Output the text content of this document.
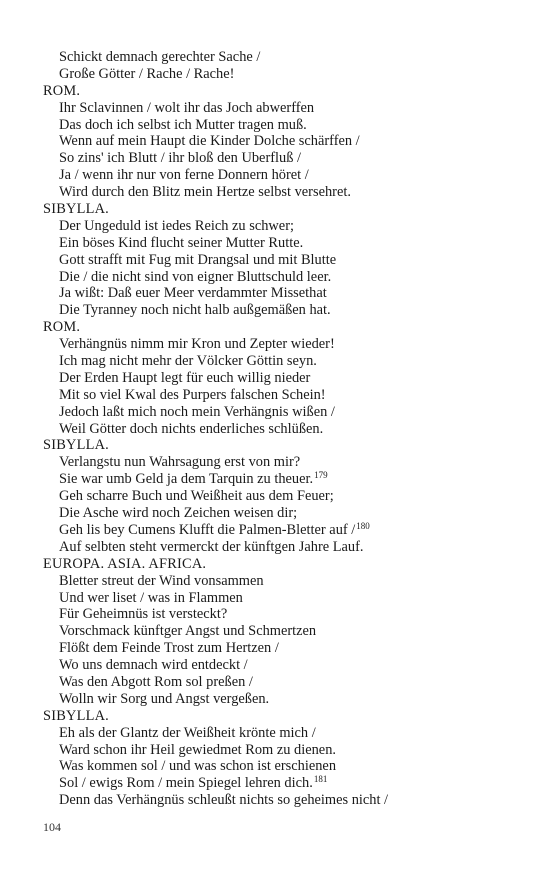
Schickt demnach gerechter Sache /
Große Götter / Rache / Rache!
ROM.
Ihr Sclavinnen / wolt ihr das Joch abwerffen
Das doch ich selbst ich Mutter tragen muß.
Wenn auf mein Haupt die Kinder Dolche schärffen /
So zins' ich Blutt / ihr bloß den Uberfluß /
Ja / wenn ihr nur von ferne Donnern höret /
Wird durch den Blitz mein Hertze selbst versehret.
SIBYLLA.
Der Ungeduld ist iedes Reich zu schwer;
Ein böses Kind flucht seiner Mutter Rutte.
Gott strafft mit Fug mit Drangsal und mit Blutte
Die / die nicht sind von eigner Bluttschuld leer.
Ja wißt: Daß euer Meer verdammter Missethat
Die Tyranney noch nicht halb außgemäßen hat.
ROM.
Verhängnüs nimm mir Kron und Zepter wieder!
Ich mag nicht mehr der Völcker Göttin seyn.
Der Erden Haupt legt für euch willig nieder
Mit so viel Kwal des Purpers falschen Schein!
Jedoch laßt mich noch mein Verhängnis wißen /
Weil Götter doch nichts enderliches schlüßen.
SIBYLLA.
Verlangstu nun Wahrsagung erst von mir?
Sie war umb Geld ja dem Tarquin zu theuer.$^{179}$
Geh scharre Buch und Weißheit aus dem Feuer;
Die Asche wird noch Zeichen weisen dir;
Geh lis bey Cumens Klufft die Palmen-Bletter auf /$^{180}$
Auf selbten steht vermerckt der künftgen Jahre Lauf.
EUROPA. ASIA. AFRICA.
Bletter streut der Wind vonsammen
Und wer liset / was in Flammen
Für Geheimnüs ist versteckt?
Vorschmack künftger Angst und Schmertzen
Flößt dem Feinde Trost zum Hertzen /
Wo uns demnach wird entdeckt /
Was den Abgott Rom sol preßen /
Wolln wir Sorg und Angst vergeßen.
SIBYLLA.
Eh als der Glantz der Weißheit krönte mich /
Ward schon ihr Heil gewiedmet Rom zu dienen.
Was kommen sol / und was schon ist erschienen
Sol / ewigs Rom / mein Spiegel lehren dich.$^{181}$
Denn das Verhängnüs schleußt nichts so geheimes nicht /
104
